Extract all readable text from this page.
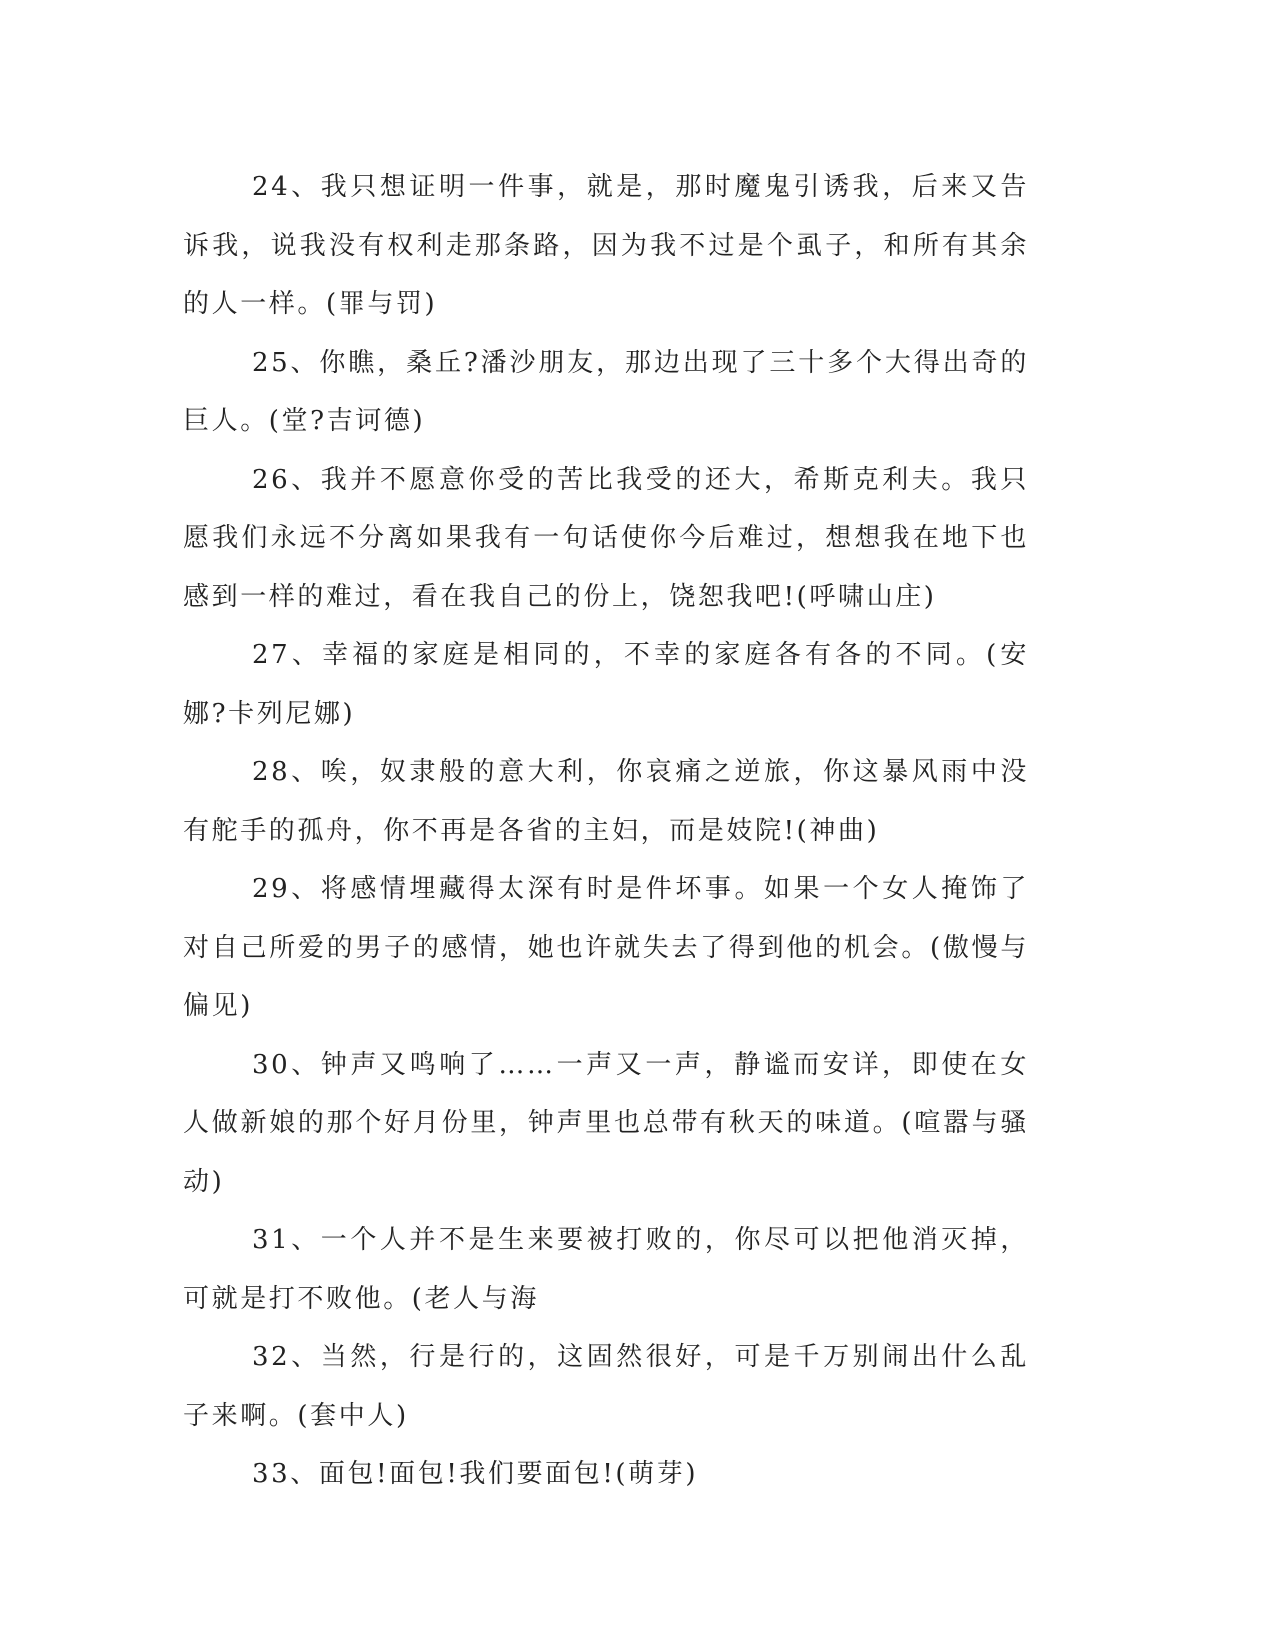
24、我只想证明一件事，就是，那时魔鬼引诱我，后来又告诉我，说我没有权利走那条路，因为我不过是个虱子，和所有其余的人一样。(罪与罚)

25、你瞧，桑丘?潘沙朋友，那边出现了三十多个大得出奇的巨人。(堂?吉诃德)

26、我并不愿意你受的苦比我受的还大，希斯克利夫。我只愿我们永远不分离如果我有一句话使你今后难过，想想我在地下也感到一样的难过，看在我自己的份上，饶恕我吧!(呼啸山庄)

27、幸福的家庭是相同的，不幸的家庭各有各的不同。(安娜?卡列尼娜)

28、唉，奴隶般的意大利，你哀痛之逆旅，你这暴风雨中没有舵手的孤舟，你不再是各省的主妇，而是妓院!(神曲)

29、将感情埋藏得太深有时是件坏事。如果一个女人掩饰了对自己所爱的男子的感情，她也许就失去了得到他的机会。(傲慢与偏见)

30、钟声又鸣响了……一声又一声，静谧而安详，即使在女人做新娘的那个好月份里，钟声里也总带有秋天的味道。(喧嚣与骚动)

31、一个人并不是生来要被打败的，你尽可以把他消灭掉，可就是打不败他。(老人与海

32、当然，行是行的，这固然很好，可是千万别闹出什么乱子来啊。(套中人)

33、面包!面包!我们要面包!(萌芽)
